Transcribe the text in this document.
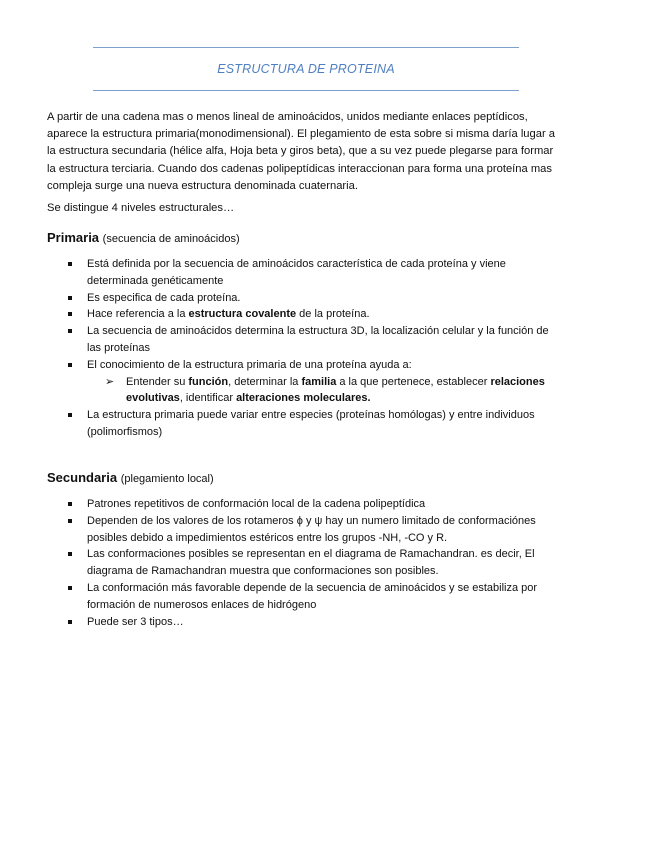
ESTRUCTURA DE PROTEINA

A partir de una cadena mas o menos lineal de aminoácidos, unidos mediante enlaces peptídicos, aparece la estructura primaria(monodimensional). El plegamiento de esta sobre si misma daría lugar a la estructura secundaria (hélice alfa, Hoja beta y giros beta), que a su vez puede plegarse para formar la estructura terciaria. Cuando dos cadenas polipeptídicas interaccionan para forma una proteína mas compleja surge una nueva estructura denominada cuaternaria.

Se distingue 4 niveles estructurales…
Primaria (secuencia de aminoácidos)
Está definida por la secuencia de aminoácidos característica de cada proteína y viene determinada genéticamente
Es especifica de cada proteína.
Hace referencia a la estructura covalente de la proteína.
La secuencia de aminoácidos determina la estructura 3D, la localización celular y la función de las proteínas
El conocimiento de la estructura primaria de una proteína ayuda a:
➢ Entender su función, determinar la familia a la que pertenece, establecer relaciones evolutivas, identificar alteraciones moleculares.
La estructura primaria puede variar entre especies (proteínas homólogas) y entre individuos (polimorfismos)
Secundaria (plegamiento local)
Patrones repetitivos de conformación local de la cadena polipeptídica
Dependen de los valores de los rotameros ϕ y ψ hay un numero limitado de conformaciónes posibles debido a impedimientos estéricos entre los grupos -NH, -CO y R.
Las conformaciones posibles se representan en el diagrama de Ramachandran. es decir, El diagrama de Ramachandran muestra que conformaciones son posibles.
La conformación más favorable depende de la secuencia de aminoácidos y se estabiliza por formación de numerosos enlaces de hidrógeno
Puede ser 3 tipos…
